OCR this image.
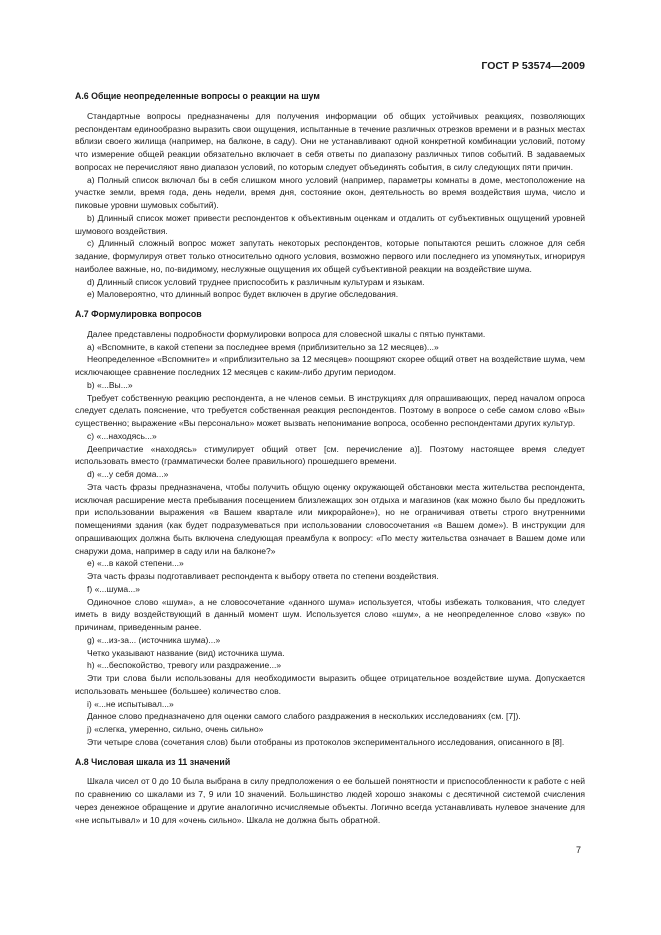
ГОСТ Р 53574—2009
A.6 Общие неопределенные вопросы о реакции на шум

Стандартные вопросы предназначены для получения информации об общих устойчивых реакциях, позволяющих респондентам единообразно выразить свои ощущения, испытанные в течение различных отрезков времени и в разных местах вблизи своего жилища (например, на балконе, в саду). Они не устанавливают одной конкретной комбинации условий, потому что измерение общей реакции обязательно включает в себя ответы по диапазону различных типов событий. В задаваемых вопросах не перечисляют явно диапазон условий, по которым следует объединять события, в силу следующих пяти причин.

а) Полный список включал бы в себя слишком много условий (например, параметры комнаты в доме, местоположение на участке земли, время года, день недели, время дня, состояние окон, деятельность во время воздействия шума, число и пиковые уровни шумовых событий).

b) Длинный список может привести респондентов к объективным оценкам и отдалить от субъективных ощущений уровней шумового воздействия.

c) Длинный сложный вопрос может запутать некоторых респондентов, которые попытаются решить сложное для себя задание, формулируя ответ только относительно одного условия, возможно первого или последнего из упомянутых, игнорируя наиболее важные, но, по-видимому, неслужные ощущения их общей субъективной реакции на воздействие шума.

d) Длинный список условий труднее приспособить к различным культурам и языкам.

e) Маловероятно, что длинный вопрос будет включен в другие обследования.

A.7 Формулировка вопросов

Далее представлены подробности формулировки вопроса для словесной шкалы с пятью пунктами.

a) «Вспомните, в какой степени за последнее время (приблизительно за 12 месяцев)...»

Неопределенное «Вспомните» и «приблизительно за 12 месяцев» поощряют скорее общий ответ на воздействие шума, чем исключающее сравнение последних 12 месяцев с каким-либо другим периодом.

b) «...Вы...»

Требует собственную реакцию респондента, а не членов семьи. В инструкциях для опрашивающих, перед началом опроса следует сделать пояснение, что требуется собственная реакция респондентов. Поэтому в вопросе о себе самом слово «Вы» существенно; выражение «Вы персонально» может вызвать непонимание вопроса, особенно респондентами других культур.

c) «...находясь...»

Деепричастие «находясь» стимулирует общий ответ [см. перечисление а)]. Поэтому настоящее время следует использовать вместо (грамматически более правильного) прошедшего времени.

d) «...у себя дома...»

Эта часть фразы предназначена, чтобы получить общую оценку окружающей обстановки места жительства респондента, исключая расширение места пребывания посещением близлежащих зон отдыха и магазинов (как можно было бы предложить при использовании выражения «в Вашем квартале или микрорайоне»), но не ограничивая ответы строго внутренними помещениями здания (как будет подразумеваться при использовании словосочетания «в Вашем доме»). В инструкции для опрашивающих должна быть включена следующая преамбула к вопросу: «По месту жительства означает в Вашем доме или снаружи дома, например в саду или на балконе?»

e) «...в какой степени...»

Эта часть фразы подготавливает респондента к выбору ответа по степени воздействия.

f) «...шума...»

Одиночное слово «шума», а не словосочетание «данного шума» используется, чтобы избежать толкования, что следует иметь в виду воздействующий в данный момент шум. Используется слово «шум», а не неопределенное слово «звук» по причинам, приведенным ранее.

g) «...из-за... (источника шума)...»

Четко указывают название (вид) источника шума.

h) «...беспокойство, тревогу или раздражение...»

Эти три слова были использованы для необходимости выразить общее отрицательное воздействие шума. Допускается использовать меньшее (большее) количество слов.

i) «...не испытывал...»

Данное слово предназначено для оценки самого слабого раздражения в нескольких исследованиях (см. [7]).

j) «слегка, умеренно, сильно, очень сильно»

Эти четыре слова (сочетания слов) были отобраны из протоколов экспериментального исследования, описанного в [8].

A.8 Числовая шкала из 11 значений

Шкала чисел от 0 до 10 была выбрана в силу предположения о ее большей понятности и приспособленности к работе с ней по сравнению со шкалами из 7, 9 или 10 значений. Большинство людей хорошо знакомы с десятичной системой счисления через денежное обращение и другие аналогично исчисляемые объекты. Логично всегда устанавливать нулевое значение для «не испытывал» и 10 для «очень сильно». Шкала не должна быть обратной.

7
